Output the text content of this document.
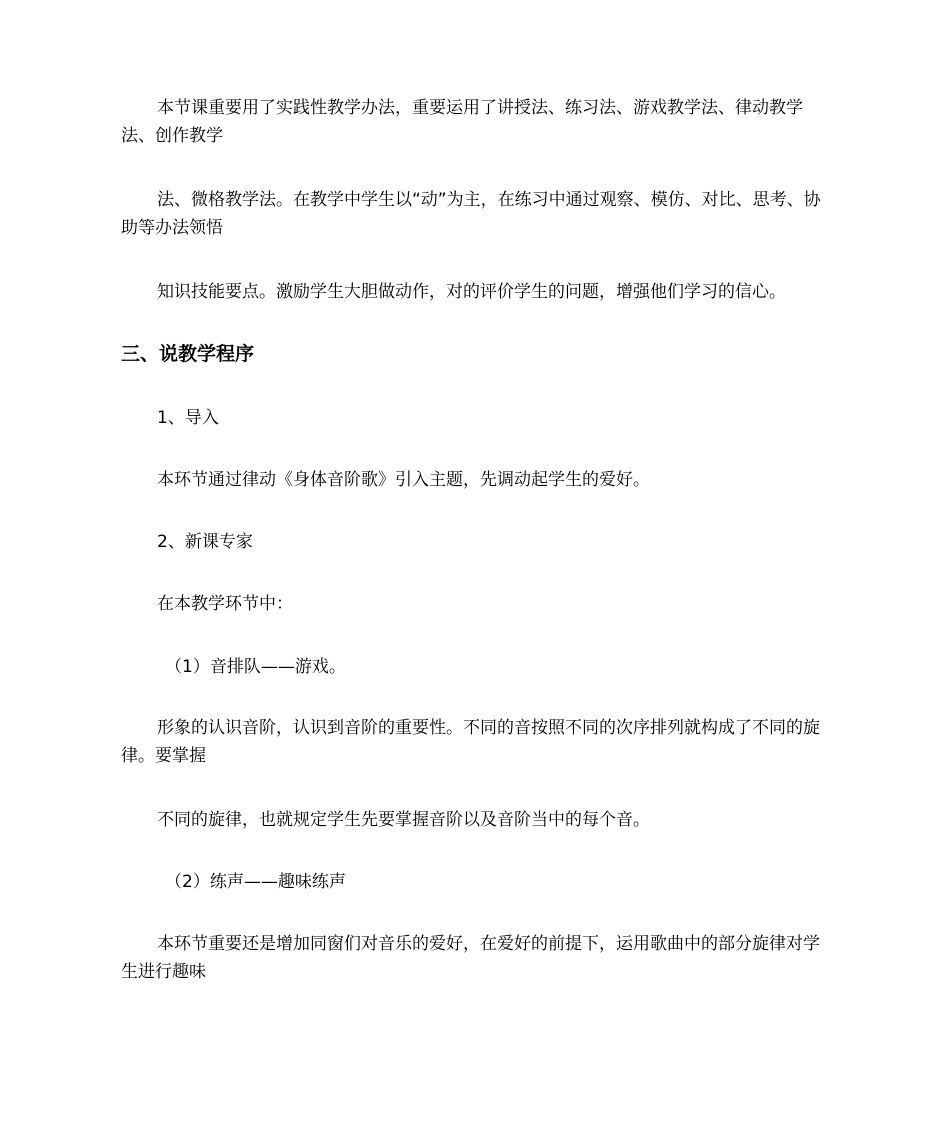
本节课重要用了实践性教学办法，重要运用了讲授法、练习法、游戏教学法、律动教学法、创作教学

法、微格教学法。在教学中学生以“动”为主，在练习中通过观察、模仿、对比、思考、协助等办法领悟

知识技能要点。激励学生大胆做动作，对的评价学生的问题，增强他们学习的信心。

三、说教学程序

1、导入

本环节通过律动《身体音阶歌》引入主题，先调动起学生的爱好。

2、新课专家

在本教学环节中：

（1）音排队——游戏。

形象的认识音阶，认识到音阶的重要性。不同的音按照不同的次序排列就构成了不同的旋律。要掌握

不同的旋律，也就规定学生先要掌握音阶以及音阶当中的每个音。

（2）练声——趣味练声

本环节重要还是增加同窗们对音乐的爱好，在爱好的前提下，运用歌曲中的部分旋律对学生进行趣味
